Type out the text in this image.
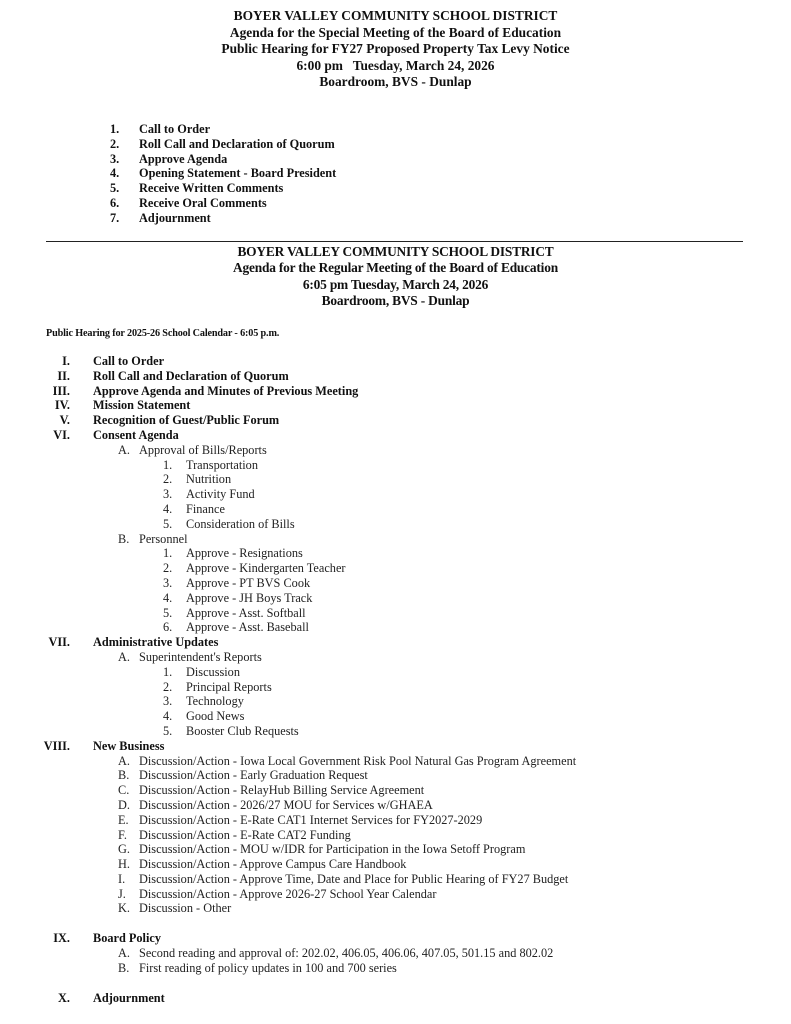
BOYER VALLEY COMMUNITY SCHOOL DISTRICT
Agenda for the Special Meeting of the Board of Education
Public Hearing for FY27 Proposed Property Tax Levy Notice
6:00 pm   Tuesday, March 24, 2026
Boardroom, BVS - Dunlap
1. Call to Order
2. Roll Call and Declaration of Quorum
3. Approve Agenda
4. Opening Statement - Board President
5. Receive Written Comments
6. Receive Oral Comments
7. Adjournment
BOYER VALLEY COMMUNITY SCHOOL DISTRICT
Agenda for the Regular Meeting of the Board of Education
6:05 pm Tuesday, March 24, 2026
Boardroom, BVS - Dunlap
Public Hearing for 2025-26 School Calendar - 6:05 p.m.
I. Call to Order
II. Roll Call and Declaration of Quorum
III. Approve Agenda and Minutes of Previous Meeting
IV. Mission Statement
V. Recognition of Guest/Public Forum
VI. Consent Agenda
A. Approval of Bills/Reports
1. Transportation
2. Nutrition
3. Activity Fund
4. Finance
5. Consideration of Bills
B. Personnel
1. Approve - Resignations
2. Approve - Kindergarten Teacher
3. Approve - PT BVS Cook
4. Approve - JH Boys Track
5. Approve - Asst. Softball
6. Approve - Asst. Baseball
VII. Administrative Updates
A. Superintendent's Reports
1. Discussion
2. Principal Reports
3. Technology
4. Good News
5. Booster Club Requests
VIII. New Business
A. Discussion/Action - Iowa Local Government Risk Pool Natural Gas Program Agreement
B. Discussion/Action - Early Graduation Request
C. Discussion/Action - RelayHub Billing Service Agreement
D. Discussion/Action - 2026/27 MOU for Services w/GHAEA
E. Discussion/Action - E-Rate CAT1 Internet Services for FY2027-2029
F. Discussion/Action - E-Rate CAT2 Funding
G. Discussion/Action - MOU w/IDR for Participation in the Iowa Setoff Program
H. Discussion/Action - Approve Campus Care Handbook
I. Discussion/Action - Approve Time, Date and Place for Public Hearing of FY27 Budget
J. Discussion/Action - Approve 2026-27 School Year Calendar
K. Discussion - Other
IX. Board Policy
A. Second reading and approval of: 202.02, 406.05, 406.06, 407.05, 501.15 and 802.02
B. First reading of policy updates in 100 and 700 series
X. Adjournment
